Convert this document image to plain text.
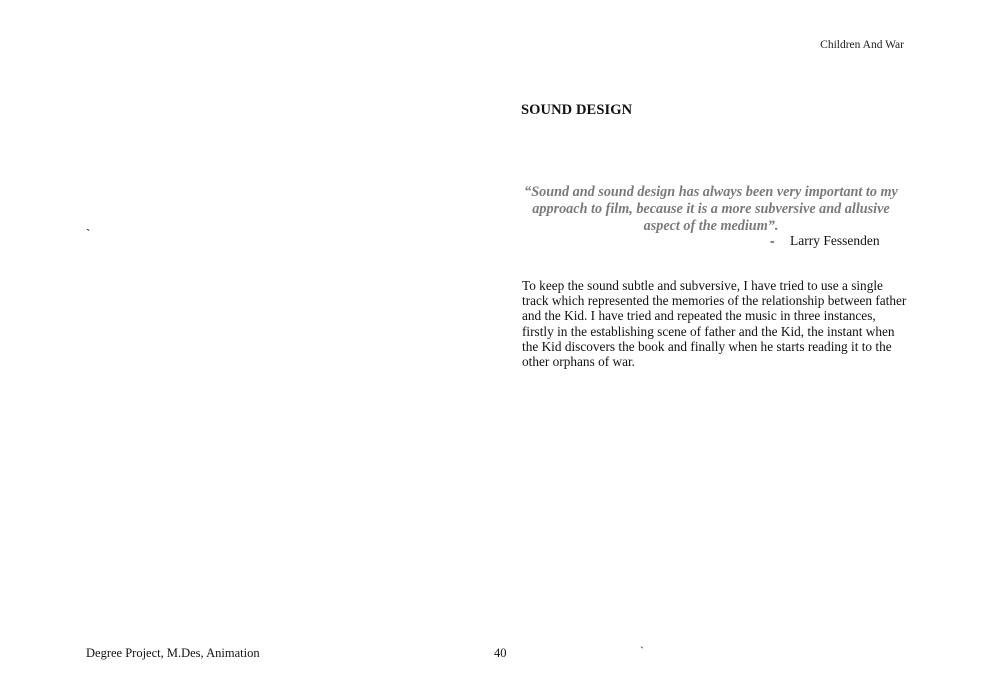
Children And War
`
SOUND DESIGN
“Sound and sound design has always been very important to my approach to film, because it is a more subversive and allusive aspect of the medium”.
- Larry Fessenden
To keep the sound subtle and subversive, I have tried to use a single track which represented the memories of the relationship between father and the Kid. I have tried and repeated the music in three instances, firstly in the establishing scene of father and the Kid, the instant when the Kid discovers the book and finally when he starts reading it to the other orphans of war.
Degree Project, M.Des, Animation	40	`
